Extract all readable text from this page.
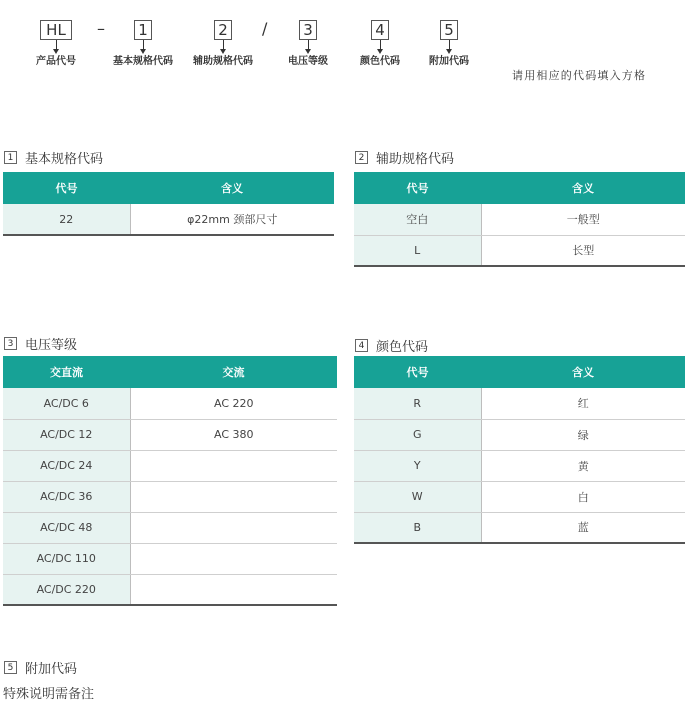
HL
产品代号
– 1
基本规格代码
2
辅助规格代码
/ 3
电压等级
4
颜色代码
5
附加代码
请用相应的代码填入方格
1 基本规格代码
代号	含义
22	φ22mm 颈部尺寸
2 辅助规格代码
代号	含义
空白	一般型
L	长型
3 电压等级
交直流	交流
AC/DC 6	AC 220
AC/DC 12	AC 380
AC/DC 24	
AC/DC 36	
AC/DC 48	
AC/DC 110	
AC/DC 220	
4 颜色代码
代号	含义
R	红
G	绿
Y	黄
W	白
B	蓝
5 附加代码
特殊说明需备注
